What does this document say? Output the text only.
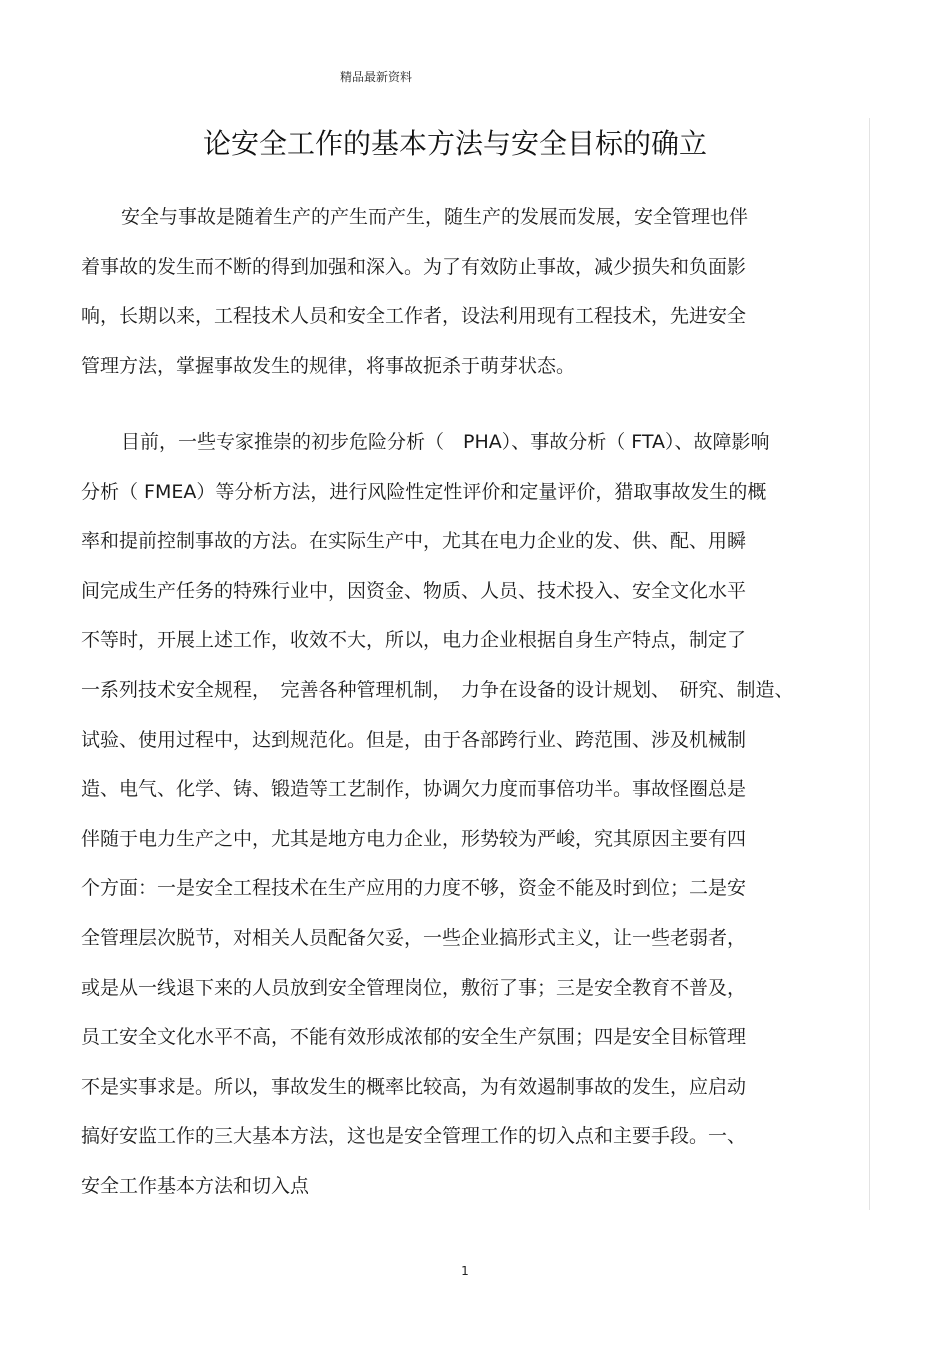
精品最新资料
论安全工作的基本方法与安全目标的确立

安全与事故是随着生产的产生而产生，随生产的发展而发展，安全管理也伴
着事故的发生而不断的得到加强和深入。为了有效防止事故，减少损失和负面影
响，长期以来，工程技术人员和安全工作者，设法利用现有工程技术，先进安全
管理方法，掌握事故发生的规律，将事故扼杀于萌芽状态。

目前，一些专家推崇的初步危险分析（　PHA）、事故分析（ FTA）、故障影响
分析（ FMEA）等分析方法，进行风险性定性评价和定量评价，猎取事故发生的概
率和提前控制事故的方法。在实际生产中，尤其在电力企业的发、供、配、用瞬
间完成生产任务的特殊行业中，因资金、物质、人员、技术投入、安全文化水平
不等时，开展上述工作，收效不大，所以，电力企业根据自身生产特点，制定了
一系列技术安全规程，　完善各种管理机制，　力争在设备的设计规划、　研究、制造、
试验、使用过程中，达到规范化。但是，由于各部跨行业、跨范围、涉及机械制
造、电气、化学、铸、锻造等工艺制作，协调欠力度而事倍功半。事故怪圈总是
伴随于电力生产之中，尤其是地方电力企业，形势较为严峻，究其原因主要有四
个方面：一是安全工程技术在生产应用的力度不够，资金不能及时到位；二是安
全管理层次脱节，对相关人员配备欠妥，一些企业搞形式主义，让一些老弱者，
或是从一线退下来的人员放到安全管理岗位，敷衍了事；三是安全教育不普及，
员工安全文化水平不高，不能有效形成浓郁的安全生产氛围；四是安全目标管理
不是实事求是。所以，事故发生的概率比较高，为有效遏制事故的发生，应启动
搞好安监工作的三大基本方法，这也是安全管理工作的切入点和主要手段。一、
安全工作基本方法和切入点

1
